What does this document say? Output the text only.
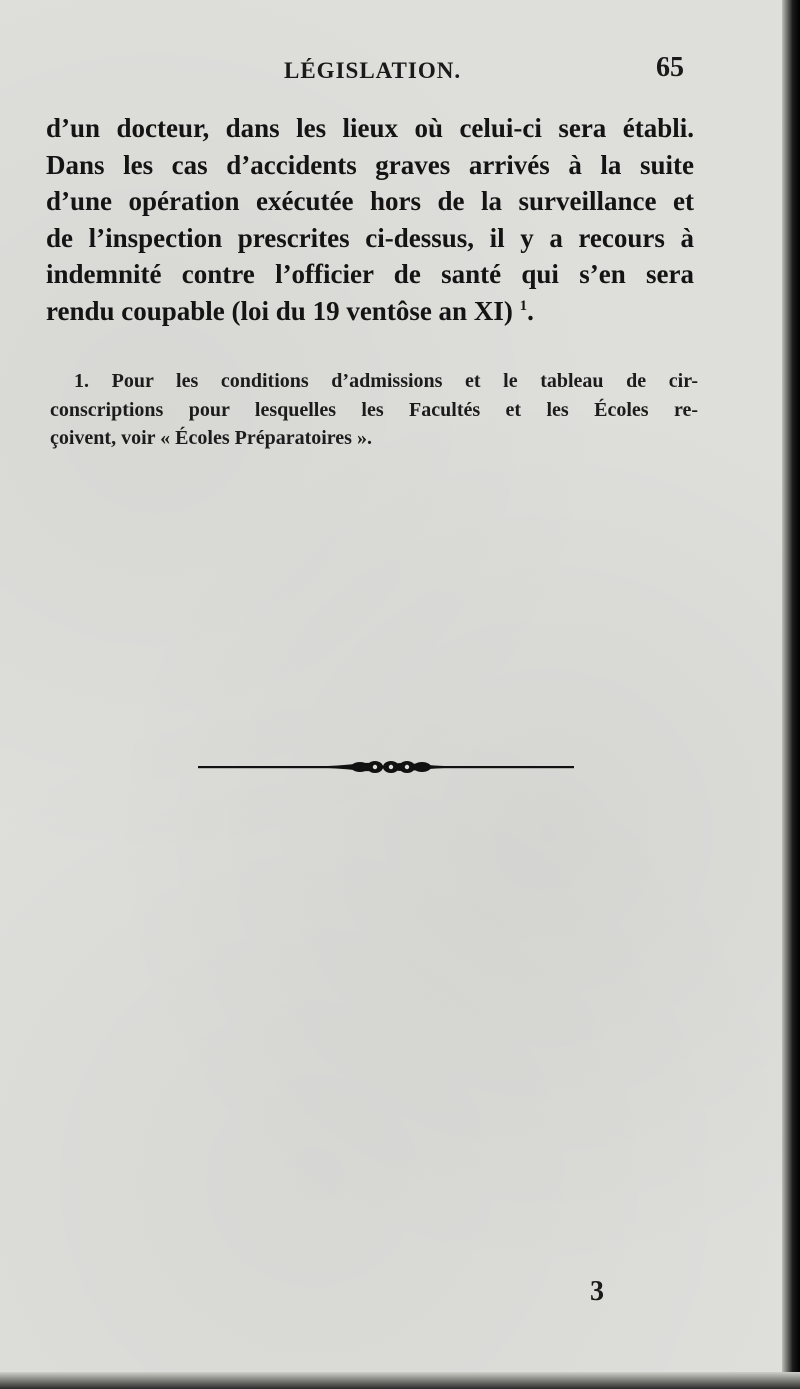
LÉGISLATION.	65

d’un docteur, dans les lieux où celui-ci sera établi.
Dans les cas d’accidents graves arrivés à la suite
d’une opération exécutée hors de la surveillance et
de l’inspection prescrites ci-dessus, il y a recours à
indemnité contre l’officier de santé qui s’en sera
rendu coupable (loi du 19 ventôse an XI) $^1$.

1. Pour les conditions d’admissions et le tableau de cir-
conscriptions pour lesquelles les Facultés et les Écoles re-
çoivent, voir « Écoles Préparatoires ».

3
